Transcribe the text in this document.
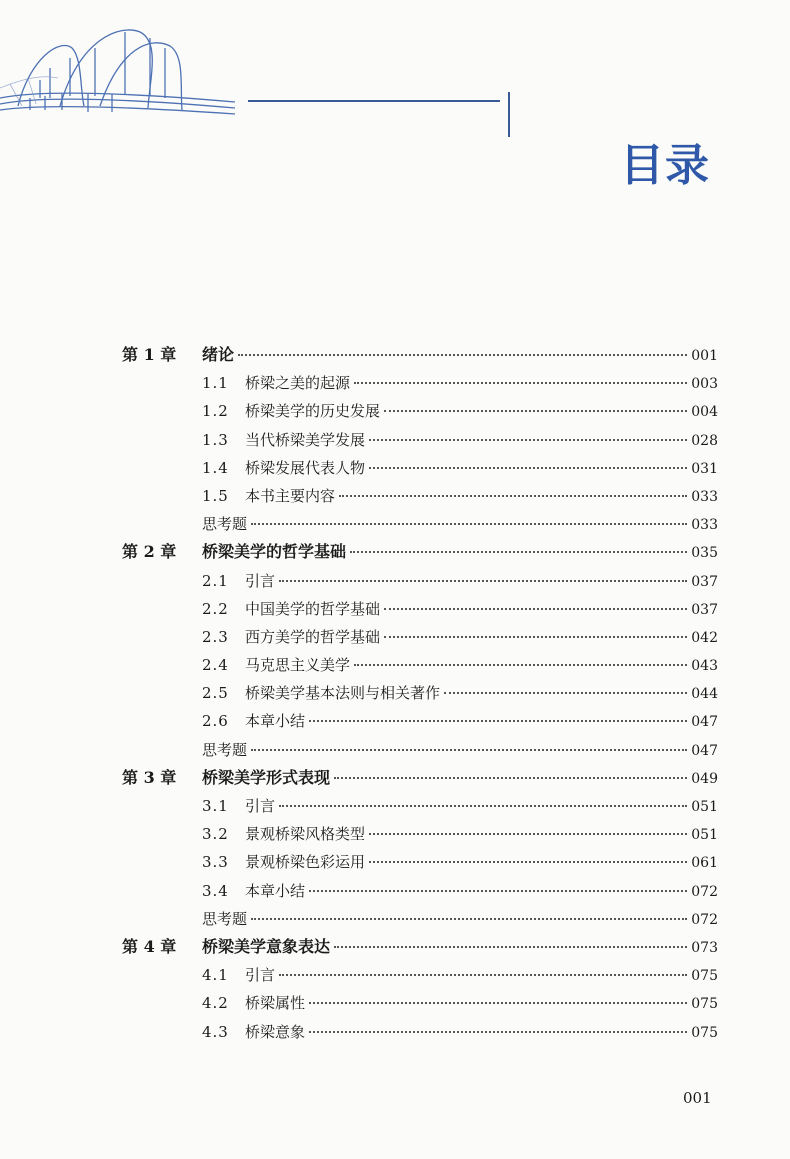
目录
第 1 章 绪论	001
1.1 桥梁之美的起源	003
1.2 桥梁美学的历史发展	004
1.3 当代桥梁美学发展	028
1.4 桥梁发展代表人物	031
1.5 本书主要内容	033
思考题	033
第 2 章 桥梁美学的哲学基础	035
2.1 引言	037
2.2 中国美学的哲学基础	037
2.3 西方美学的哲学基础	042
2.4 马克思主义美学	043
2.5 桥梁美学基本法则与相关著作	044
2.6 本章小结	047
思考题	047
第 3 章 桥梁美学形式表现	049
3.1 引言	051
3.2 景观桥梁风格类型	051
3.3 景观桥梁色彩运用	061
3.4 本章小结	072
思考题	072
第 4 章 桥梁美学意象表达	073
4.1 引言	075
4.2 桥梁属性	075
4.3 桥梁意象	075
001
